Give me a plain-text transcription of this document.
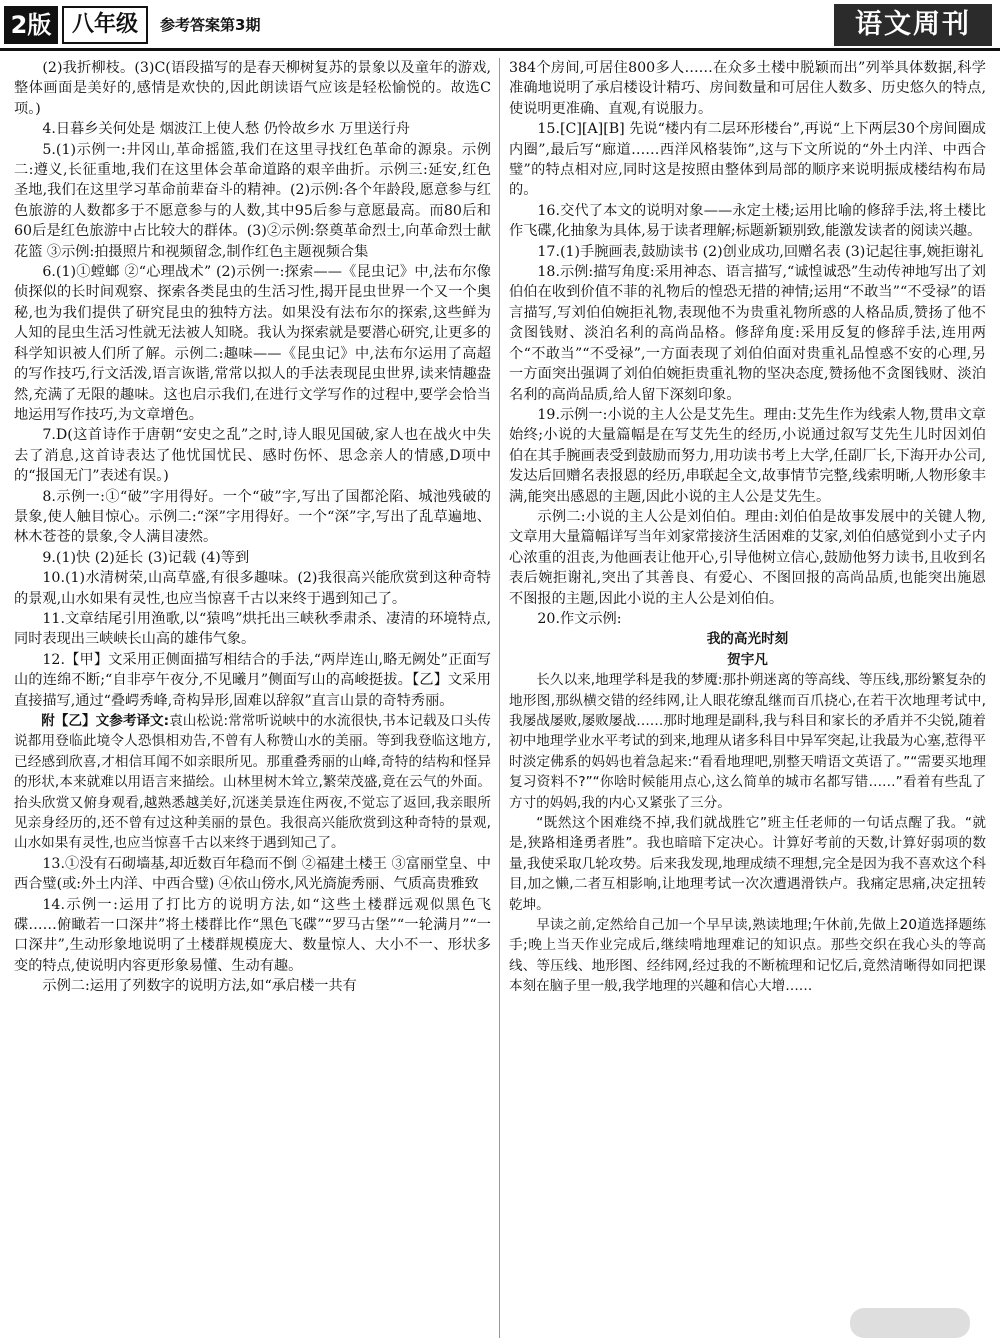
2版 八年级	参考答案第3期	语文周刊

(2)我折柳枝。(3)C(语段描写的是春天柳树复苏的景象以及童年的游戏,整体画面是美好的,感情是欢快的,因此朗读语气应该是轻松愉悦的。故选C项。)

4.日暮乡关何处是 烟波江上使人愁 仍怜故乡水 万里送行舟

5.(1)示例一:井冈山,革命摇篮,我们在这里寻找红色革命的源泉。示例二:遵义,长征重地,我们在这里体会革命道路的艰辛曲折。示例三:延安,红色圣地,我们在这里学习革命前辈奋斗的精神。(2)示例:各个年龄段,愿意参与红色旅游的人数都多于不愿意参与的人数,其中95后参与意愿最高。而80后和60后是红色旅游中占比较大的群体。(3)②示例:祭奠革命烈士,向革命烈士献花篮 ③示例:拍摄照片和视频留念,制作红色主题视频合集

6.(1)①螳螂 ②“心理战术” (2)示例一:探索——《昆虫记》中,法布尔像侦探似的长时间观察、探索各类昆虫的生活习性,揭开昆虫世界一个又一个奥秘,也为我们提供了研究昆虫的独特方法。如果没有法布尔的探索,这些鲜为人知的昆虫生活习性就无法被人知晓。我认为探索就是要潜心研究,让更多的科学知识被人们所了解。示例二:趣味——《昆虫记》中,法布尔运用了高超的写作技巧,行文活泼,语言诙谐,常常以拟人的手法表现昆虫世界,读来情趣盎然,充满了无限的趣味。这也启示我们,在进行文学写作的过程中,要学会恰当地运用写作技巧,为文章增色。

7.D(这首诗作于唐朝“安史之乱”之时,诗人眼见国破,家人也在战火中失去了消息,这首诗表达了他忧国忧民、感时伤怀、思念亲人的情感,D项中的“报国无门”表述有误。)

8.示例一:①“破”字用得好。一个“破”字,写出了国都沦陷、城池残破的景象,使人触目惊心。示例二:“深”字用得好。一个“深”字,写出了乱草遍地、林木苍苍的景象,令人满目凄然。

9.(1)快 (2)延长 (3)记载 (4)等到

10.(1)水清树荣,山高草盛,有很多趣味。(2)我很高兴能欣赏到这种奇特的景观,山水如果有灵性,也应当惊喜千古以来终于遇到知己了。

11.文章结尾引用渔歌,以“猿鸣”烘托出三峡秋季肃杀、凄清的环境特点,同时表现出三峡峡长山高的雄伟气象。

12.【甲】文采用正侧面描写相结合的手法,“两岸连山,略无阙处”正面写山的连绵不断;“自非亭午夜分,不见曦月”侧面写山的高峻挺拔。【乙】文采用直接描写,通过“叠崿秀峰,奇构异形,固难以辞叙”直言山景的奇特秀丽。

附【乙】文参考译文:袁山松说:常常听说峡中的水流很快,书本记载及口头传说都用登临此境令人恐惧相劝告,不曾有人称赞山水的美丽。等到我登临这地方,已经感到欣喜,才相信耳闻不如亲眼所见。那重叠秀丽的山峰,奇特的结构和怪异的形状,本来就难以用语言来描绘。山林里树木耸立,繁荣茂盛,竟在云气的外面。抬头欣赏又俯身观看,越熟悉越美好,沉迷美景连住两夜,不觉忘了返回,我亲眼所见亲身经历的,还不曾有过这种美丽的景色。我很高兴能欣赏到这种奇特的景观,山水如果有灵性,也应当惊喜千古以来终于遇到知己了。

13.①没有石砌墙基,却近数百年稳而不倒 ②福建土楼王 ③富丽堂皇、中西合璧(或:外土内洋、中西合璧) ④依山傍水,风光旖旎秀丽、气质高贵雅致

14.示例一:运用了打比方的说明方法,如“这些土楼群远观似黑色飞碟……俯瞰若一口深井”将土楼群比作“黑色飞碟”“罗马古堡”“一轮满月”“一口深井”,生动形象地说明了土楼群规模庞大、数量惊人、大小不一、形状多变的特点,使说明内容更形象易懂、生动有趣。

示例二:运用了列数字的说明方法,如“承启楼一共有

384个房间,可居住800多人……在众多土楼中脱颖而出”列举具体数据,科学准确地说明了承启楼设计精巧、房间数量和可居住人数多、历史悠久的特点,使说明更准确、直观,有说服力。

15.[C][A][B] 先说“楼内有二层环形楼台”,再说“上下两层30个房间圈成内圈”,最后写“廊道……西洋风格装饰”,这与下文所说的“外土内洋、中西合璧”的特点相对应,同时这是按照由整体到局部的顺序来说明振成楼结构布局的。

16.交代了本文的说明对象——永定土楼;运用比喻的修辞手法,将土楼比作飞碟,化抽象为具体,易于读者理解;标题新颖别致,能激发读者的阅读兴趣。

17.(1)手腕画表,鼓励读书 (2)创业成功,回赠名表 (3)记起往事,婉拒谢礼

18.示例:描写角度:采用神态、语言描写,“诚惶诚恐”生动传神地写出了刘伯伯在收到价值不菲的礼物后的惶恐无措的神情;运用“不敢当”“不受禄”的语言描写,写刘伯伯婉拒礼物,表现他不为贵重礼物所惑的人格品质,赞扬了他不贪图钱财、淡泊名利的高尚品格。修辞角度:采用反复的修辞手法,连用两个“不敢当”“不受禄”,一方面表现了刘伯伯面对贵重礼品惶惑不安的心理,另一方面突出强调了刘伯伯婉拒贵重礼物的坚决态度,赞扬他不贪图钱财、淡泊名利的高尚品质,给人留下深刻印象。

19.示例一:小说的主人公是艾先生。理由:艾先生作为线索人物,贯串文章始终;小说的大量篇幅是在写艾先生的经历,小说通过叙写艾先生儿时因刘伯伯在其手腕画表受到鼓励而努力,用功读书考上大学,任副厂长,下海开办公司,发达后回赠名表报恩的经历,串联起全文,故事情节完整,线索明晰,人物形象丰满,能突出感恩的主题,因此小说的主人公是艾先生。

示例二:小说的主人公是刘伯伯。理由:刘伯伯是故事发展中的关键人物,文章用大量篇幅详写当年刘家常接济生活困难的艾家,刘伯伯感觉到小丈子内心浓重的沮丧,为他画表让他开心,引导他树立信心,鼓励他努力读书,且收到名表后婉拒谢礼,突出了其善良、有爱心、不图回报的高尚品质,也能突出施恩不图报的主题,因此小说的主人公是刘伯伯。

20.作文示例:

我的高光时刻

贺宇凡

长久以来,地理学科是我的梦魇:那扑朔迷离的等高线、等压线,那纷繁复杂的地形图,那纵横交错的经纬网,让人眼花缭乱继而百爪挠心,在若干次地理考试中,我屡战屡败,屡败屡战……那时地理是副科,我与科目和家长的矛盾并不尖锐,随着初中地理学业水平考试的到来,地理从诸多科目中异军突起,让我最为心塞,惹得平时淡定佛系的妈妈也着急起来:“看看地理吧,别整天啃语文英语了。”“需要买地理复习资料不?”“你啥时候能用点心,这么简单的城市名都写错……”看着有些乱了方寸的妈妈,我的内心又紧张了三分。

“既然这个困难绕不掉,我们就战胜它”班主任老师的一句话点醒了我。“就是,狭路相逢勇者胜”。我也暗暗下定决心。计算好考前的天数,计算好弱项的数量,我使采取几轮攻势。后来我发现,地理成绩不理想,完全是因为我不喜欢这个科目,加之懒,二者互相影响,让地理考试一次次遭遇滑铁卢。我痛定思痛,决定扭转乾坤。

早读之前,定然给自己加一个早早读,熟读地理;午休前,先做上20道选择题练手;晚上当天作业完成后,继续啃地理难记的知识点。那些交织在我心头的等高线、等压线、地形图、经纬网,经过我的不断梳理和记忆后,竟然清晰得如同把课本刻在脑子里一般,我学地理的兴趣和信心大增……
